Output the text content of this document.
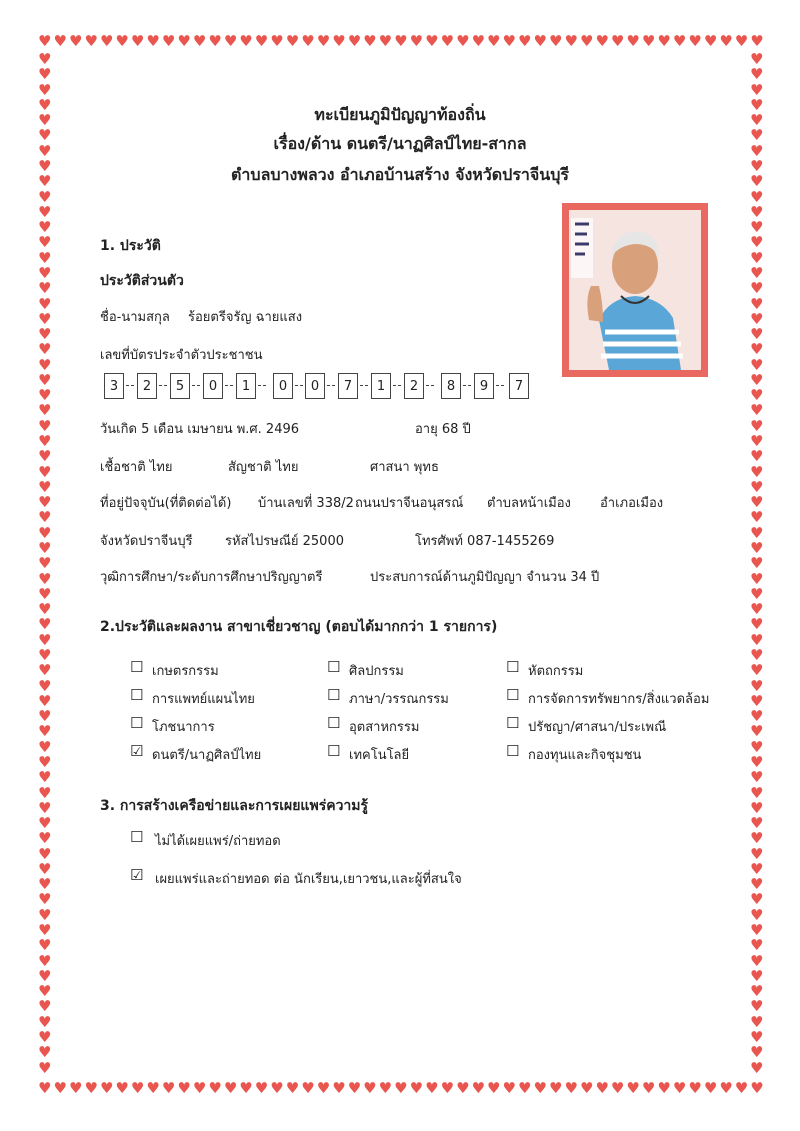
♥ ♥ ♥ ♥ ♥ ♥ ♥ ♥ ♥ ♥ ♥ ♥ ♥ ♥ ♥ ♥ ♥ ♥ ♥ ♥ ♥ ♥ ♥ ♥ ♥ ♥ ♥ ♥ ♥ ♥ ♥ ♥ ♥ ♥ ♥ ♥ ♥ ♥ ♥ ♥ ♥ ♥ ♥ ♥ ♥ ♥ ♥
♥ ♥ ♥ ♥ ♥ ♥ ♥ ♥ ♥ ♥ ♥ ♥ ♥ ♥ ♥ ♥ ♥ ♥ ♥ ♥ ♥ ♥ ♥ ♥ ♥ ♥ ♥ ♥ ♥ ♥ ♥ ♥ ♥ ♥ ♥ ♥ ♥ ♥ ♥ ♥ ♥ ♥ ♥ ♥ ♥ ♥ ♥
♥
♥
♥
♥
♥
♥
♥
♥
♥
♥
♥
♥
♥
♥
♥
♥
♥
♥
♥
♥
♥
♥
♥
♥
♥
♥
♥
♥
♥
♥
♥
♥
♥
♥
♥
♥
♥
♥
♥
♥
♥
♥
♥
♥
♥
♥
♥
♥
♥
♥
♥
♥
♥
♥
♥
♥
♥
♥
♥
♥
♥
♥
♥
♥
♥
♥
♥
♥
♥
♥
♥
♥
♥
♥
♥
♥
♥
♥
♥
♥
♥
♥
♥
♥
♥
♥
♥
♥
♥
♥
♥
♥
♥
♥
♥
♥
♥
♥
♥
♥
♥
♥
♥
♥
♥
♥
♥
♥
♥
♥
♥
♥
♥
♥
♥
♥
♥
♥
♥
♥
♥
♥
♥
♥
♥
♥
♥
♥
♥
♥
♥
♥
♥
♥
ทะเบียนภูมิปัญญาท้องถิ่น
เรื่อง/ด้าน ดนตรี/นาฏศิลป์ไทย-สากล
ตำบลบางพลวง อำเภอบ้านสร้าง จังหวัดปราจีนบุรี
1. ประวัติ
ประวัติส่วนตัว
ชื่อ-นามสกุล ร้อยตรีจรัญ ฉายแสง
เลขที่บัตรประจำตัวประชาชน
3	2	5	0	1	0	0	7	1	2	8	9	7
วันเกิด 5 เดือน เมษายน พ.ศ. 2496	อายุ 68 ปี
เชื้อชาติ ไทย	สัญชาติ ไทย	ศาสนา พุทธ
ที่อยู่ปัจจุบัน(ที่ติดต่อได้) บ้านเลขที่ 338/2 ถนนปราจีนอนุสรณ์ ตำบลหน้าเมือง อำเภอเมือง
จังหวัดปราจีนบุรี รหัสไปรษณีย์ 25000	โทรศัพท์ 087-1455269
วุฒิการศึกษา/ระดับการศึกษาปริญญาตรี	ประสบการณ์ด้านภูมิปัญญา จำนวน 34 ปี
2.ประวัติและผลงาน สาขาเชี่ยวชาญ (ตอบได้มากกว่า 1 รายการ)
☐ เกษตรกรรม	☐ ศิลปกรรม	☐ หัตถกรรม
☐ การแพทย์แผนไทย	☐ ภาษา/วรรณกรรม	☐ การจัดการทรัพยากร/สิ่งแวดล้อม
☐ โภชนาการ	☐ อุตสาหกรรม	☐ ปรัชญา/ศาสนา/ประเพณี
☑ ดนตรี/นาฏศิลป์ไทย	☐ เทคโนโลยี	☐ กองทุนและกิจชุมชน
3. การสร้างเครือข่ายและการเผยแพร่ความรู้
☐ ไม่ได้เผยแพร่/ถ่ายทอด
☑ เผยแพร่และถ่ายทอด ต่อ นักเรียน,เยาวชน,และผู้ที่สนใจ
